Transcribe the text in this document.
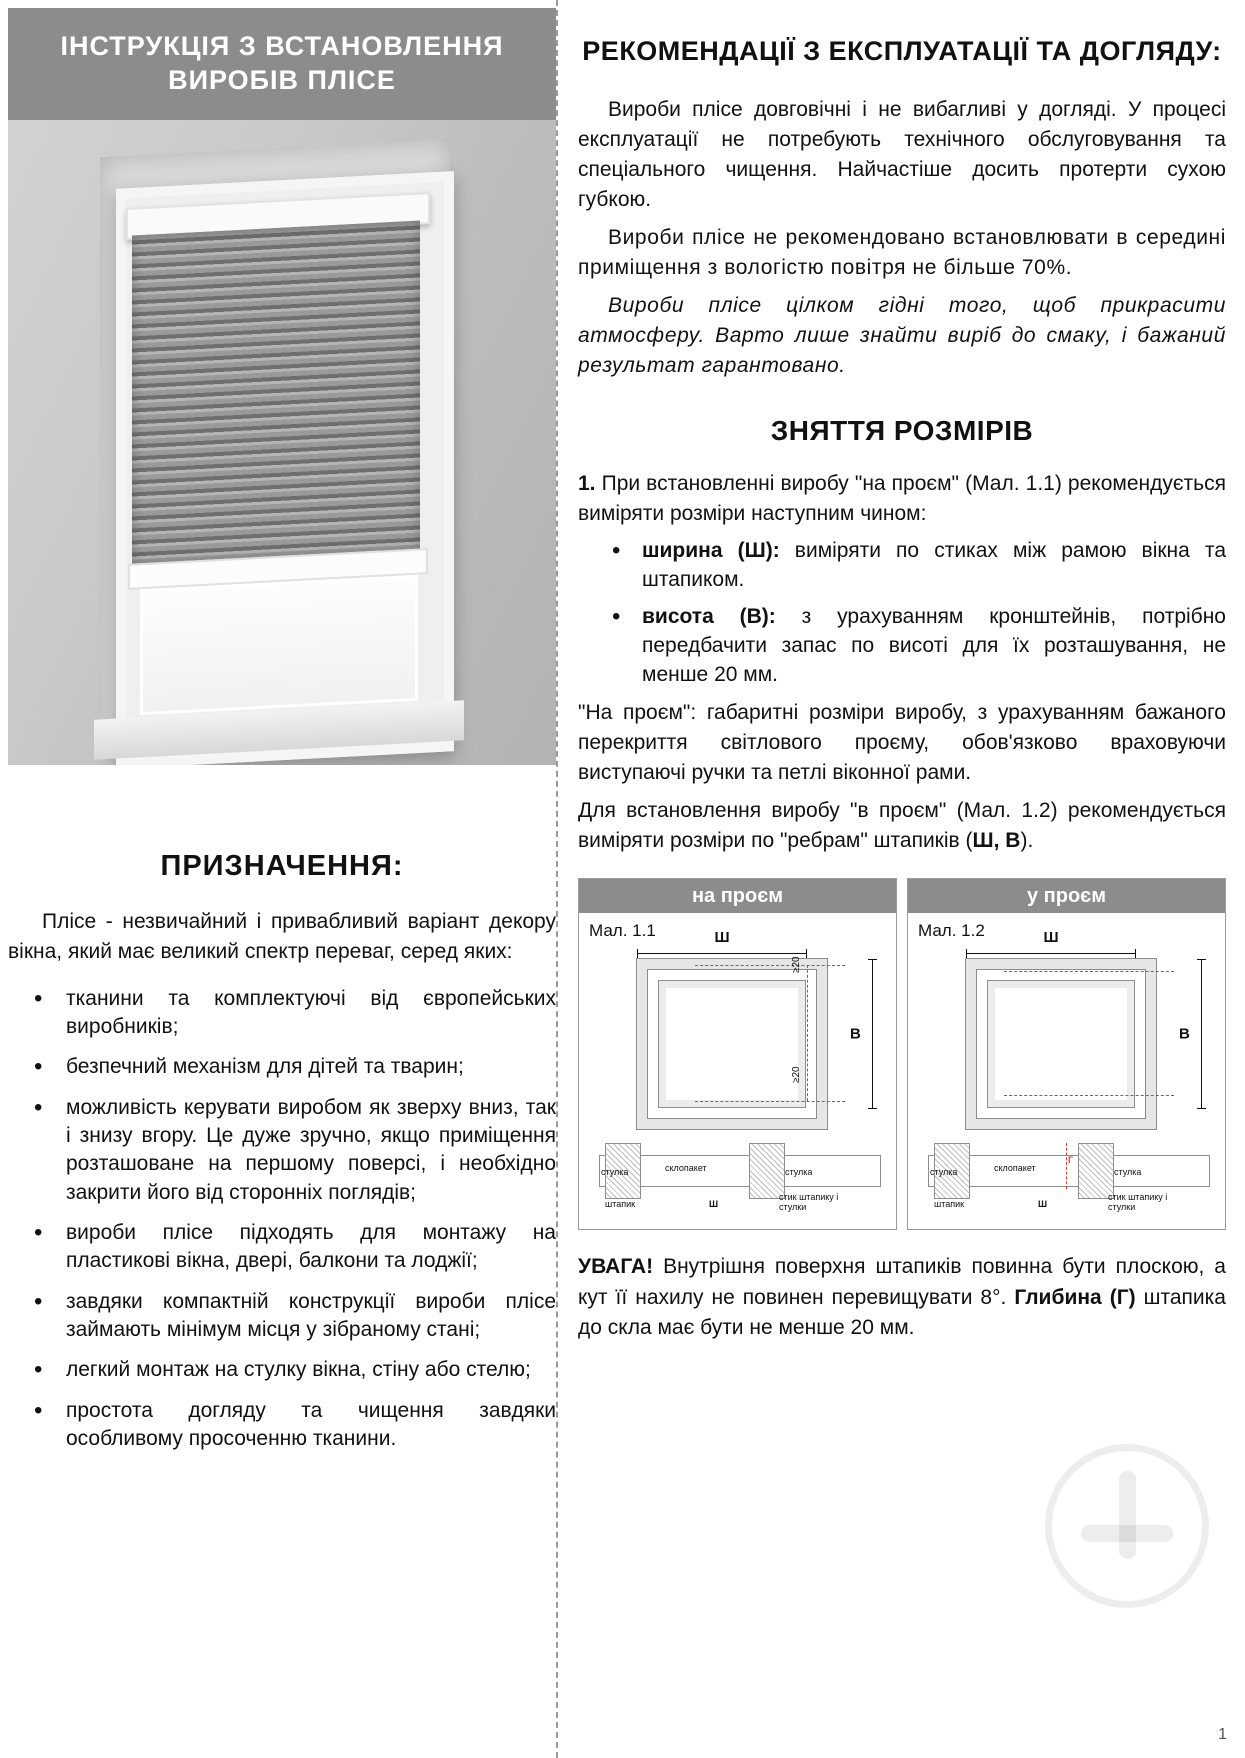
ІНСТРУКЦІЯ З ВСТАНОВЛЕННЯ ВИРОБІВ ПЛІСЕ
ПРИЗНАЧЕННЯ:

Пліcе - незвичайний і привабливий варіант декору вікна, який має великий спектр переваг, серед яких:

• тканини та комплектуючі від європейських виробників;
• безпечний механізм для дітей та тварин;
• можливість керувати виробом як зверху вниз, так і знизу вгору. Це дуже зручно, якщо приміщення розташоване на першому поверсі, і необхідно закрити його від сторонніх поглядів;
• вироби пліcе підходять для монтажу на пластикові вікна, двері, балкони та лоджії;
• завдяки компактній конструкції вироби пліcе займають мінімум місця у зібраному стані;
• легкий монтаж на стулку вікна, стіну або стелю;
• простота догляду та чищення завдяки особливому просоченню тканини.
РЕКОМЕНДАЦІЇ З ЕКСПЛУАТАЦІЇ ТА ДОГЛЯДУ:

Вироби пліcе довговічні і не вибагливі у догляді. У процесі експлуатації не потребують технічного обслуговування та спеціального чищення. Найчастіше досить протерти сухою губкою.

Вироби пліcе не рекомендовано встановлювати в середині приміщення з вологістю повітря не більше 70%.

Вироби пліcе цілком гідні того, щоб прикрасити атмосферу. Варто лише знайти виріб до смаку, і бажаний результат гарантовано.

ЗНЯТТЯ РОЗМІРІВ

1. При встановленні виробу "на проєм" (Мал. 1.1) рекомендується виміряти розміри наступним чином:

• ширина (Ш): виміряти по стиках між рамою вікна та штапиком.
• висота (В): з урахуванням кронштейнів, потрібно передбачити запас по висоті для їх розташування, не менше 20 мм.

"На проєм": габаритні розміри виробу, з урахуванням бажаного перекриття світлового проєму, обов'язково враховуючи виступаючі ручки та петлі віконної рами.

Для встановлення виробу "в проєм" (Мал. 1.2) рекомендується виміряти розміри по "ребрам" штапиків (Ш, В).

на проєм
Мал. 1.1	Ш
≥20
≥20
В
стулка	склопакет	стулка
штапик	Ш
стик штапику і стулки
у проєм
Мал. 1.2	Ш
В
стулка	склопакет	стулка
штапик	Ш
стик штапику і стулки
Г

УВАГА! Внутрішня поверхня штапиків повинна бути плоскою, а кут її нахилу не повинен перевищувати 8°. Глибина (Г) штапика до скла має бути не менше 20 мм.

1
